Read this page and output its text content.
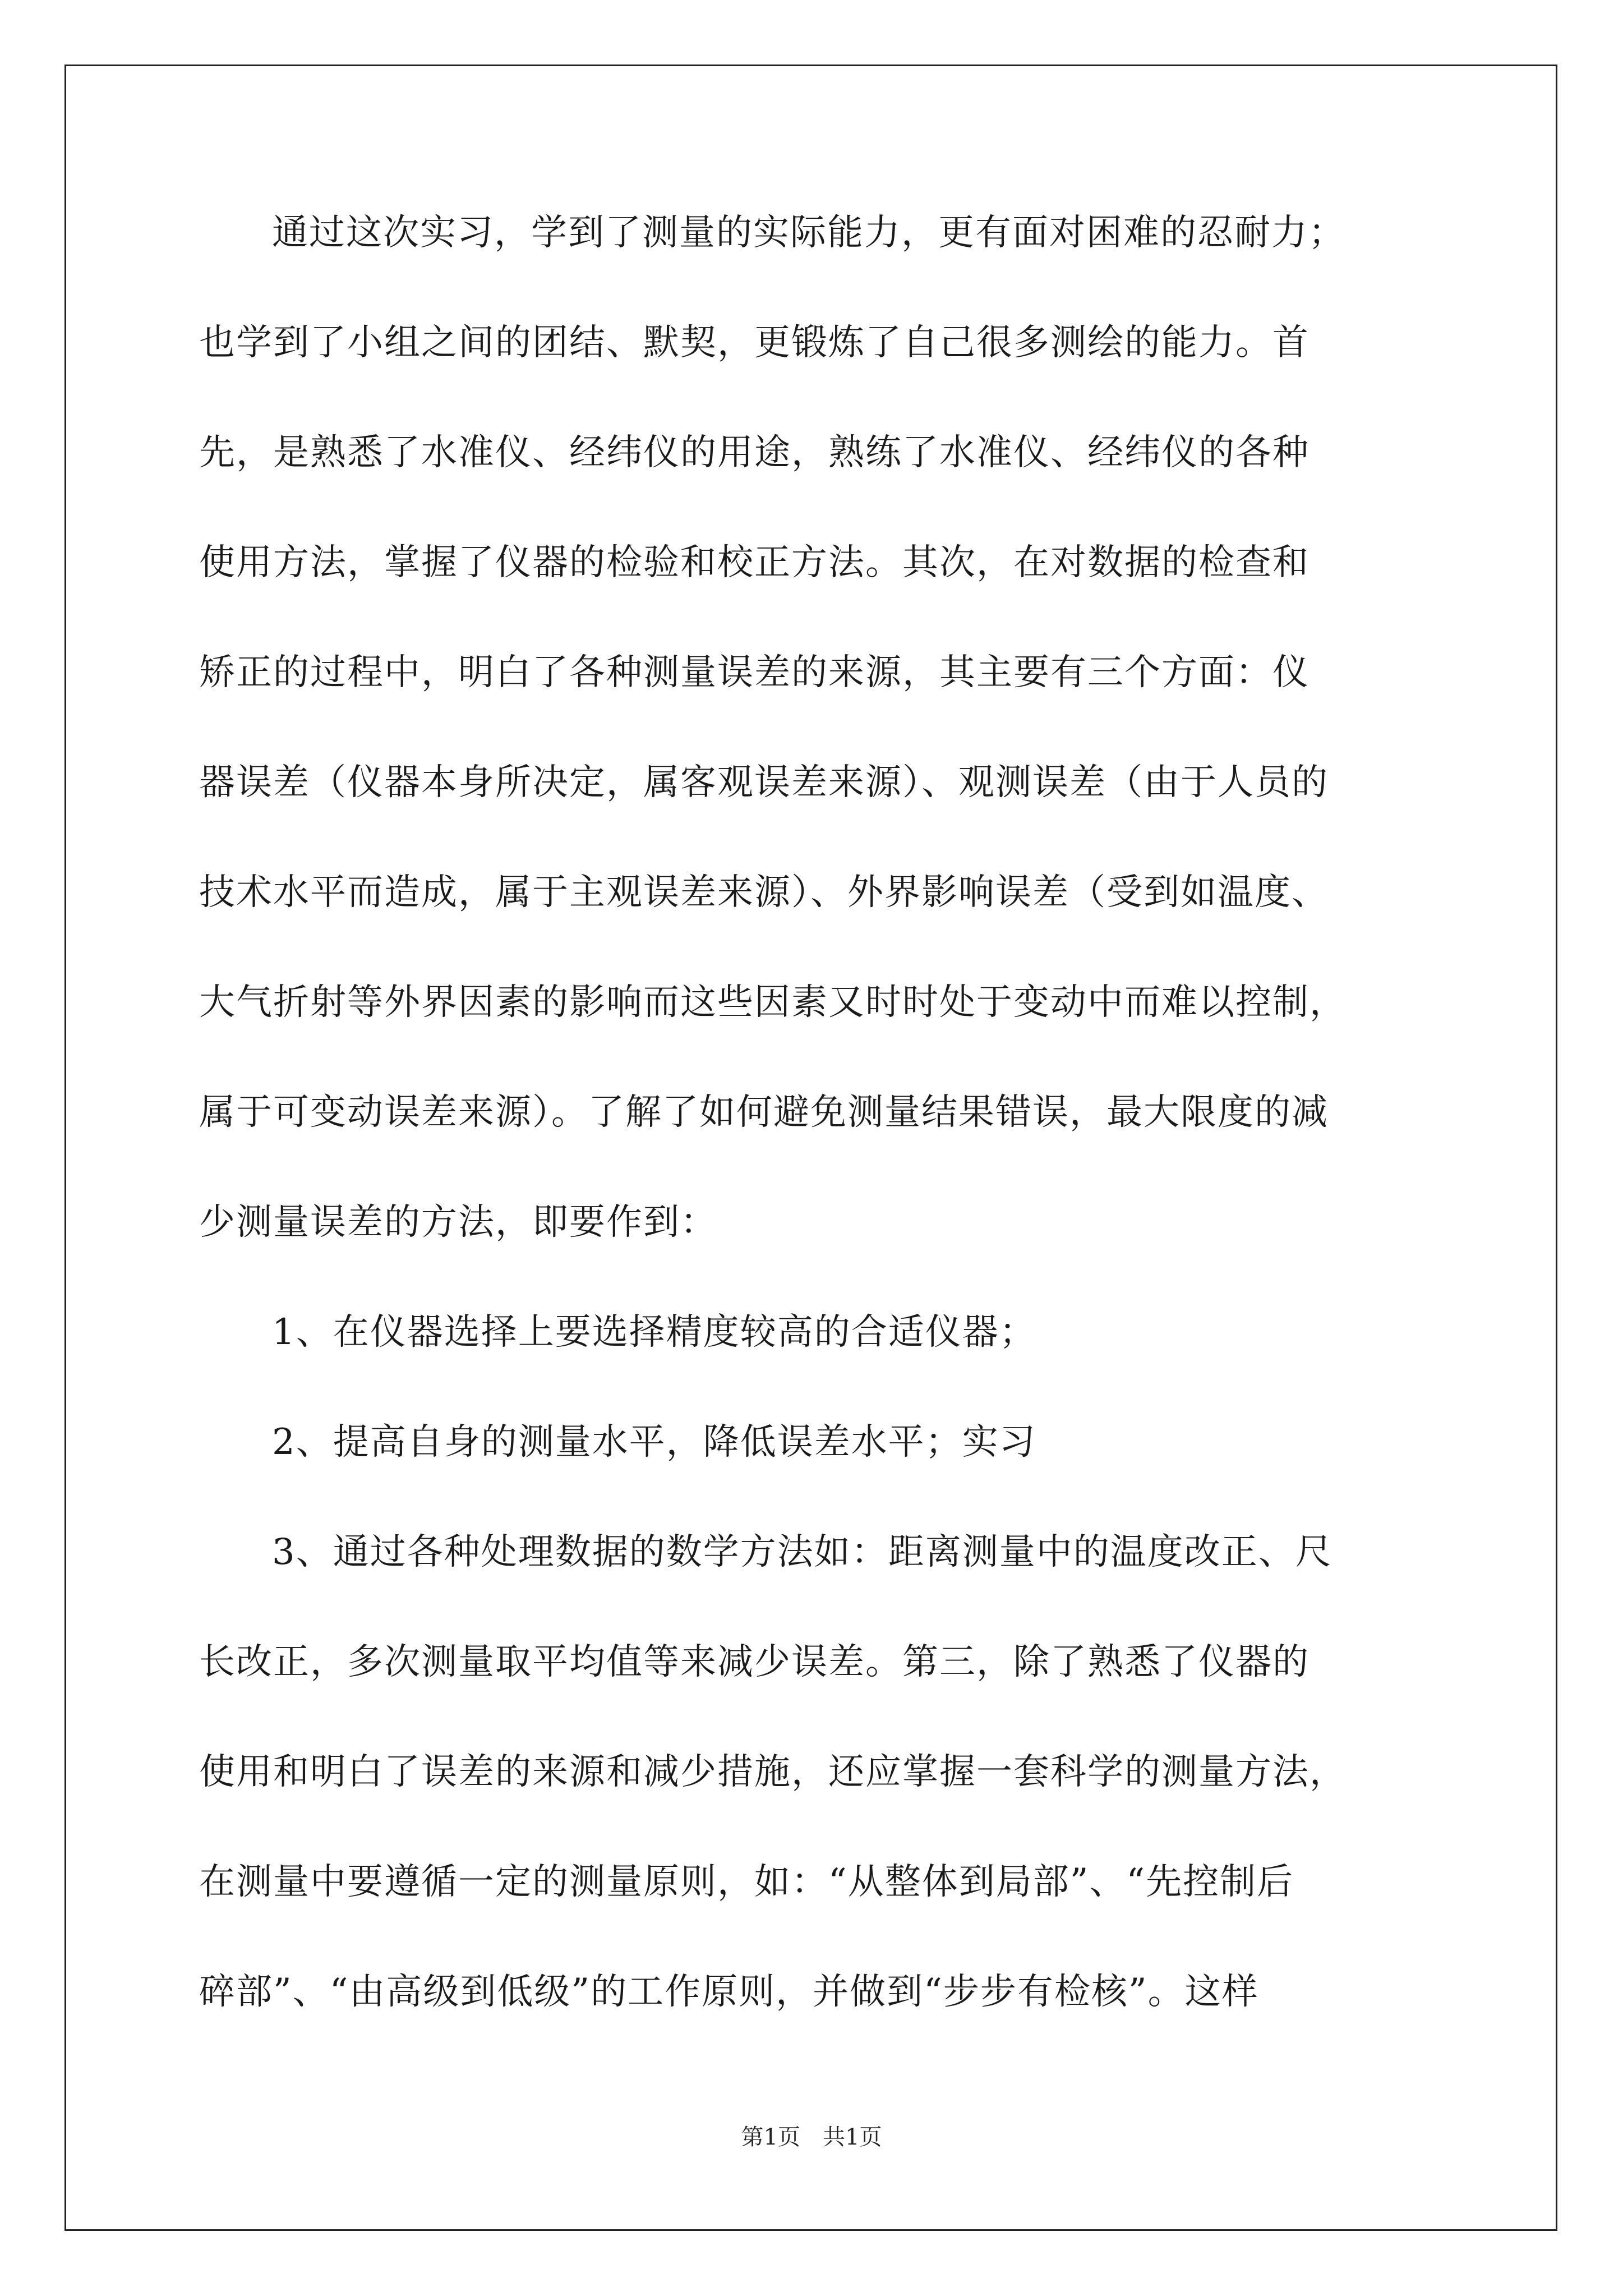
通过这次实习，学到了测量的实际能力，更有面对困难的忍耐力；
也学到了小组之间的团结、默契，更锻炼了自己很多测绘的能力。首
先，是熟悉了水准仪、经纬仪的用途，熟练了水准仪、经纬仪的各种
使用方法，掌握了仪器的检验和校正方法。其次，在对数据的检查和
矫正的过程中，明白了各种测量误差的来源，其主要有三个方面：仪
器误差（仪器本身所决定，属客观误差来源）、观测误差（由于人员的
技术水平而造成，属于主观误差来源）、外界影响误差（受到如温度、
大气折射等外界因素的影响而这些因素又时时处于变动中而难以控制，
属于可变动误差来源）。了解了如何避免测量结果错误，最大限度的减
少测量误差的方法，即要作到：
1、在仪器选择上要选择精度较高的合适仪器；
2、提高自身的测量水平，降低误差水平；实习
3、通过各种处理数据的数学方法如：距离测量中的温度改正、尺
长改正，多次测量取平均值等来减少误差。第三，除了熟悉了仪器的
使用和明白了误差的来源和减少措施，还应掌握一套科学的测量方法，
在测量中要遵循一定的测量原则，如：“从整体到局部”、“先控制后
碎部”、“由高级到低级”的工作原则，并做到“步步有检核”。这样
第1页 共1页
